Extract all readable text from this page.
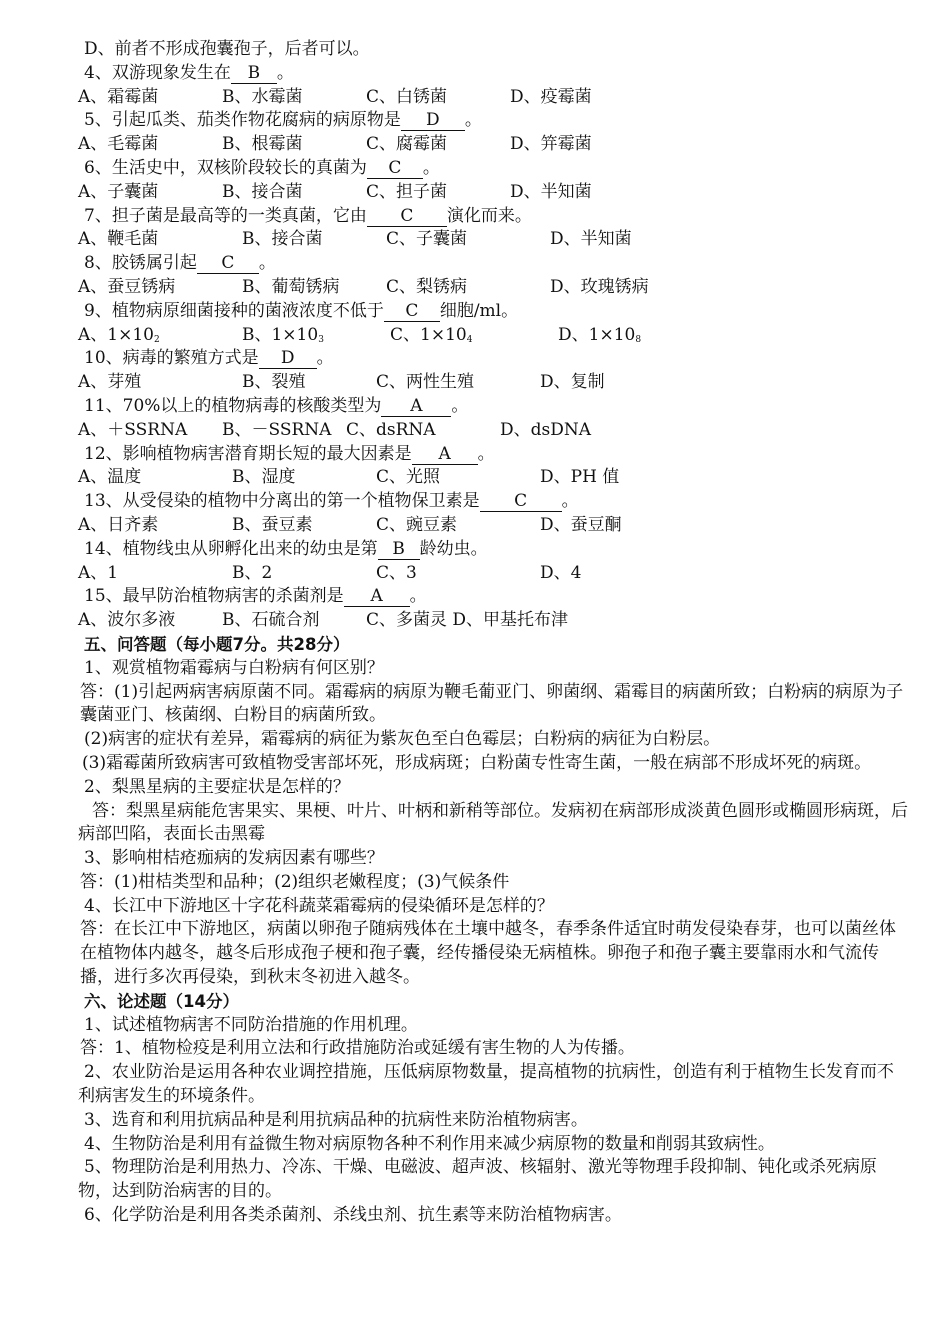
D、前者不形成孢囊孢子，后者可以。
4、双游现象发生在 B 。
A、霜霉菌	B、水霉菌	C、白锈菌	D、疫霉菌
5、引起瓜类、茄类作物花腐病的病原物是 D 。
A、毛霉菌	B、根霉菌	C、腐霉菌	D、笄霉菌
6、生活史中，双核阶段较长的真菌为 C 。
A、子囊菌	B、接合菌	C、担子菌	D、半知菌
7、担子菌是最高等的一类真菌，它由 C 演化而来。
A、鞭毛菌	B、接合菌	C、子囊菌	D、半知菌
8、胶锈属引起 C 。
A、蚕豆锈病	B、葡萄锈病	C、梨锈病	D、玫瑰锈病
9、植物病原细菌接种的菌液浓度不低于 C 细胞/ml。
A、1×102	B、1×103	C、1×104	D、1×108
10、病毒的繁殖方式是 D 。
A、芽殖	B、裂殖	C、两性生殖	D、复制
11、70%以上的植物病毒的核酸类型为 A 。
A、＋SSRNA	B、－SSRNA C、dsRNA	D、dsDNA
12、影响植物病害潜育期长短的最大因素是 A 。
A、温度	B、湿度	C、光照	D、PH 值
13、从受侵染的植物中分离出的第一个植物保卫素是 C 。
A、日齐素	B、蚕豆素	C、豌豆素	D、蚕豆酮
14、植物线虫从卵孵化出来的幼虫是第 B 龄幼虫。
A、1	B、2	C、3	D、4
15、最早防治植物病害的杀菌剂是 A 。
A、波尔多液	B、石硫合剂	C、多菌灵 D、甲基托布津
五、问答题（每小题7分。共28分）
1、观赏植物霜霉病与白粉病有何区别？
答：(1)引起两病害病原菌不同。霜霉病的病原为鞭毛葡亚门、卵菌纲、霜霉目的病菌所致；白粉病的病原为子囊菌亚门、核菌纲、白粉目的病菌所致。
(2)病害的症状有差异，霜霉病的病征为紫灰色至白色霉层；白粉病的病征为白粉层。
(3)霜霉菌所致病害可致植物受害部坏死，形成病斑；白粉菌专性寄生菌，一般在病部不形成坏死的病斑。
2、梨黑星病的主要症状是怎样的？
答：梨黑星病能危害果实、果梗、叶片、叶柄和新稍等部位。发病初在病部形成淡黄色圆形或椭圆形病斑，后病部凹陷，表面长击黑霉
3、影响柑桔疮痂病的发病因素有哪些？
答：(1)柑桔类型和品种；(2)组织老嫩程度；(3)气候条件
4、长江中下游地区十字花科蔬菜霜霉病的侵染循环是怎样的？
答：在长江中下游地区，病菌以卵孢子随病残体在土壤中越冬，春季条件适宜时萌发侵染春芽，也可以菌丝体在植物体内越冬，越冬后形成孢子梗和孢子囊，经传播侵染无病植株。卵孢子和孢子囊主要靠雨水和气流传播，进行多次再侵染，到秋末冬初进入越冬。
六、论述题（14分）
1、试述植物病害不同防治措施的作用机理。
答：1、植物检疫是利用立法和行政措施防治或延缓有害生物的人为传播。
2、农业防治是运用各种农业调控措施，压低病原物数量，提高植物的抗病性，创造有利于植物生长发育而不利病害发生的环境条件。
3、选育和利用抗病品种是利用抗病品种的抗病性来防治植物病害。
4、生物防治是利用有益微生物对病原物各种不利作用来减少病原物的数量和削弱其致病性。
5、物理防治是利用热力、冷冻、干燥、电磁波、超声波、核辐射、激光等物理手段抑制、钝化或杀死病原物，达到防治病害的目的。
6、化学防治是利用各类杀菌剂、杀线虫剂、抗生素等来防治植物病害。
